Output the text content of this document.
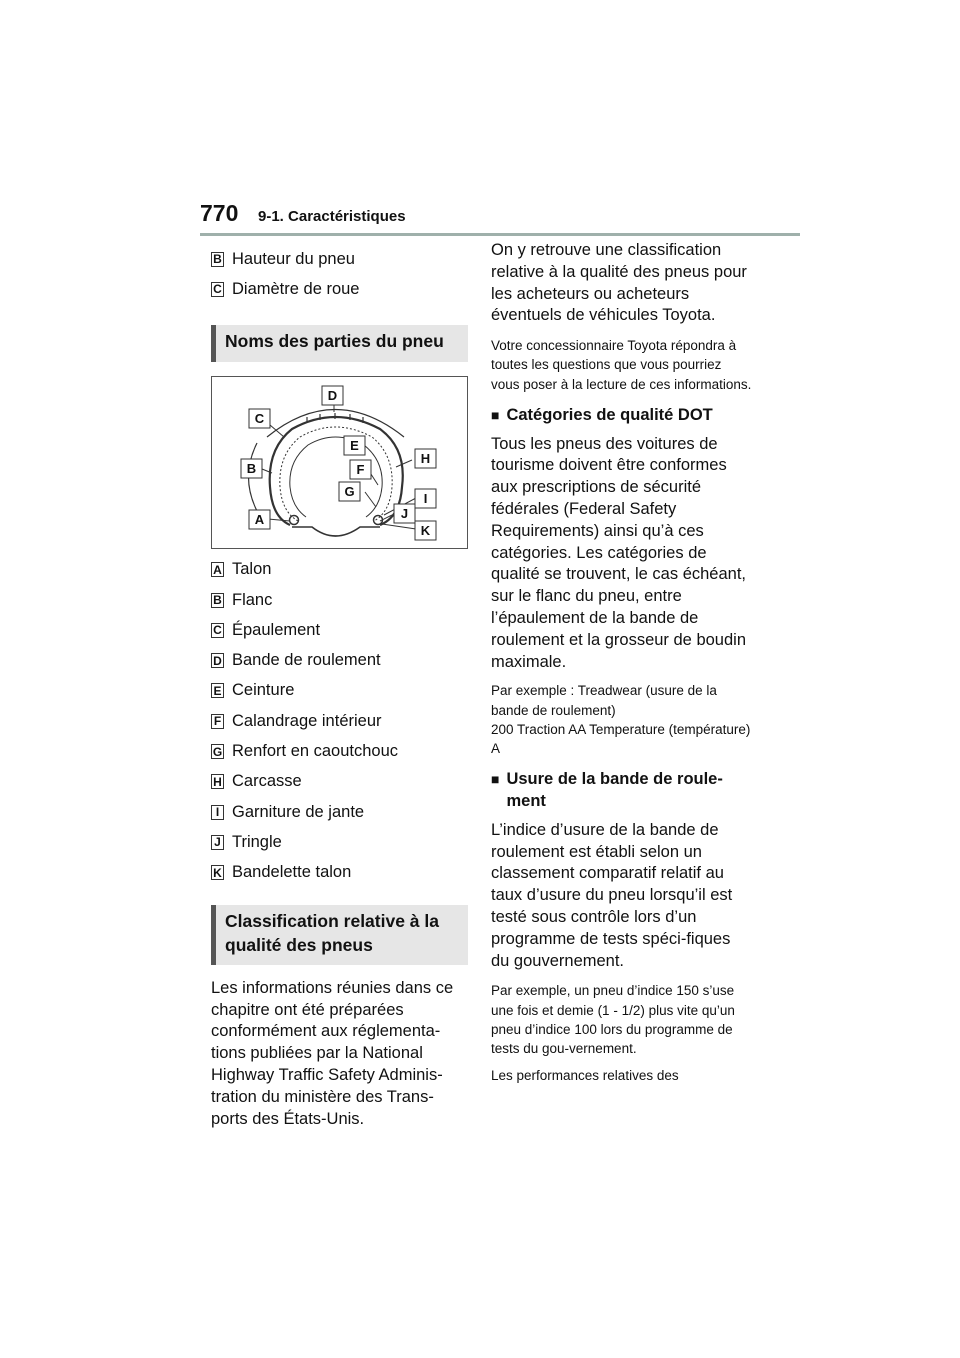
770 9-1. Caractéristiques
B Hauteur du pneu
C Diamètre de roue
Noms des parties du pneu
D
C
E
H
F
B
G	I
J
A
K
A Talon
B Flanc
C Épaulement
D Bande de roulement
E Ceinture
F Calandrage intérieur
G Renfort en caoutchouc
H Carcasse
I Garniture de jante
J Tringle
K Bandelette talon
Classification relative à la qualité des pneus

Les informations réunies dans ce chapitre ont été préparées conformément aux réglementa-tions publiées par la National Highway Traffic Safety Adminis-tration du ministère des Trans-ports des États-Unis.

On y retrouve une classification relative à la qualité des pneus pour les acheteurs ou acheteurs éventuels de véhicules Toyota.

Votre concessionnaire Toyota répondra à toutes les questions que vous pourriez vous poser à la lecture de ces informations.

■ Catégories de qualité DOT

Tous les pneus des voitures de tourisme doivent être conformes aux prescriptions de sécurité fédérales (Federal Safety Requirements) ainsi qu’à ces catégories. Les catégories de qualité se trouvent, le cas échéant, sur le flanc du pneu, entre l’épaulement de la bande de roulement et la grosseur de boudin maximale.

Par exemple : Treadwear (usure de la bande de roulement)

200 Traction AA Temperature (température) A

■ Usure de la bande de roule-ment

L’indice d’usure de la bande de roulement est établi selon un classement comparatif relatif au taux d’usure du pneu lorsqu’il est testé sous contrôle lors d’un programme de tests spéci-fiques du gouvernement.

Par exemple, un pneu d’indice 150 s’use une fois et demie (1 - 1/2) plus vite qu’un pneu d’indice 100 lors du programme de tests du gou-vernement.

Les performances relatives des
